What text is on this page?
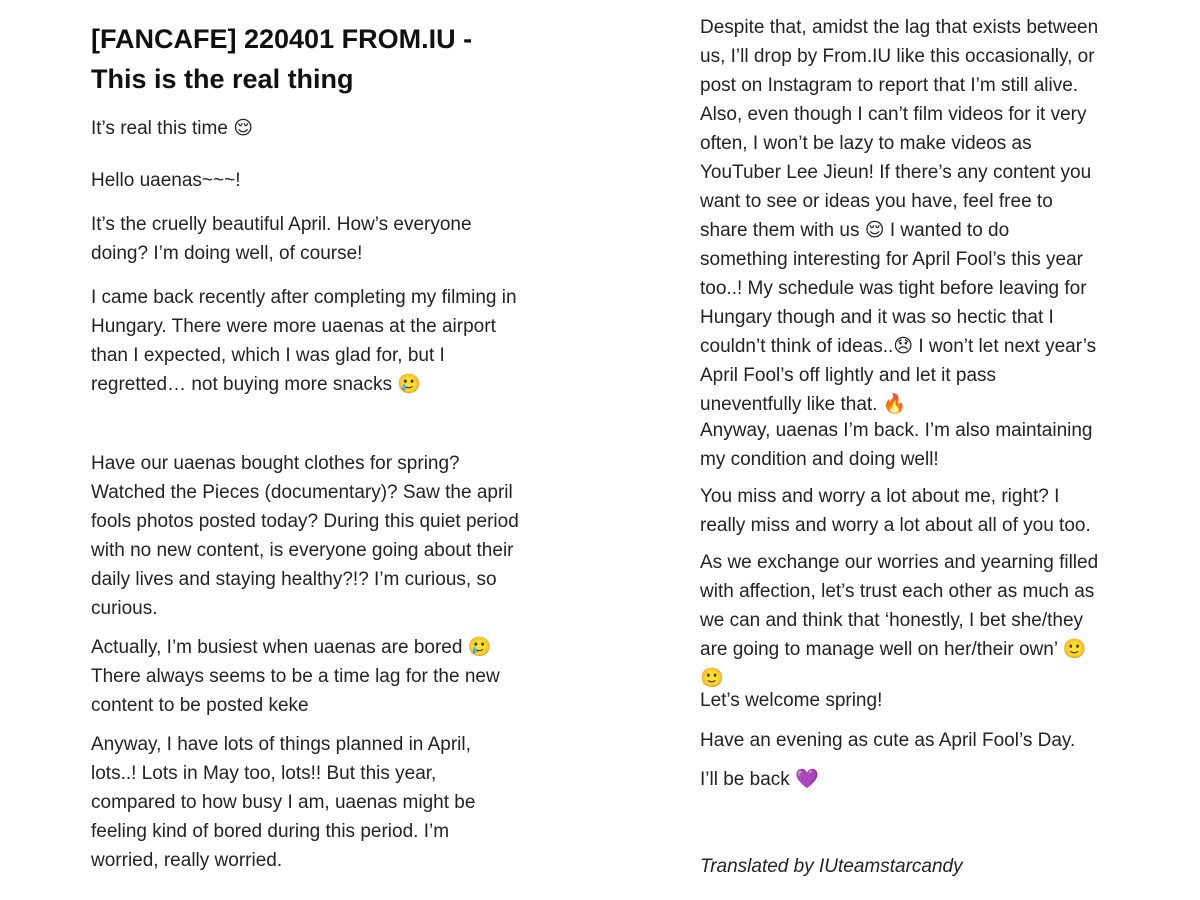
[FANCAFE] 220401 FROM.IU - This is the real thing

It’s real this time 😌

Hello uaenas~~~!

It’s the cruelly beautiful April. How’s everyone doing? I’m doing well, of course!

I came back recently after completing my filming in Hungary. There were more uaenas at the airport than I expected, which I was glad for, but I regretted… not buying more snacks 🥲

Have our uaenas bought clothes for spring? Watched the Pieces (documentary)? Saw the april fools photos posted today? During this quiet period with no new content, is everyone going about their daily lives and staying healthy?!? I’m curious, so curious.

Actually, I’m busiest when uaenas are bored 🥲 There always seems to be a time lag for the new content to be posted keke

Anyway, I have lots of things planned in April, lots..! Lots in May too, lots!! But this year, compared to how busy I am, uaenas might be feeling kind of bored during this period. I’m worried, really worried.

Despite that, amidst the lag that exists between us, I’ll drop by From.IU like this occasionally, or post on Instagram to report that I’m still alive. Also, even though I can’t film videos for it very often, I won’t be lazy to make videos as YouTuber Lee Jieun! If there’s any content you want to see or ideas you have, feel free to share them with us 😌 I wanted to do something interesting for April Fool’s this year too..! My schedule was tight before leaving for Hungary though and it was so hectic that I couldn’t think of ideas..😞 I won’t let next year’s April Fool’s off lightly and let it pass uneventfully like that. 🔥

Anyway, uaenas I’m back. I’m also maintaining my condition and doing well!

You miss and worry a lot about me, right? I really miss and worry a lot about all of you too.

As we exchange our worries and yearning filled with affection, let’s trust each other as much as we can and think that ‘honestly, I bet she/they are going to manage well on her/their own’ 🙂 🙂

Let’s welcome spring!

Have an evening as cute as April Fool’s Day.

I’ll be back 💜

Translated by IUteamstarcandy
